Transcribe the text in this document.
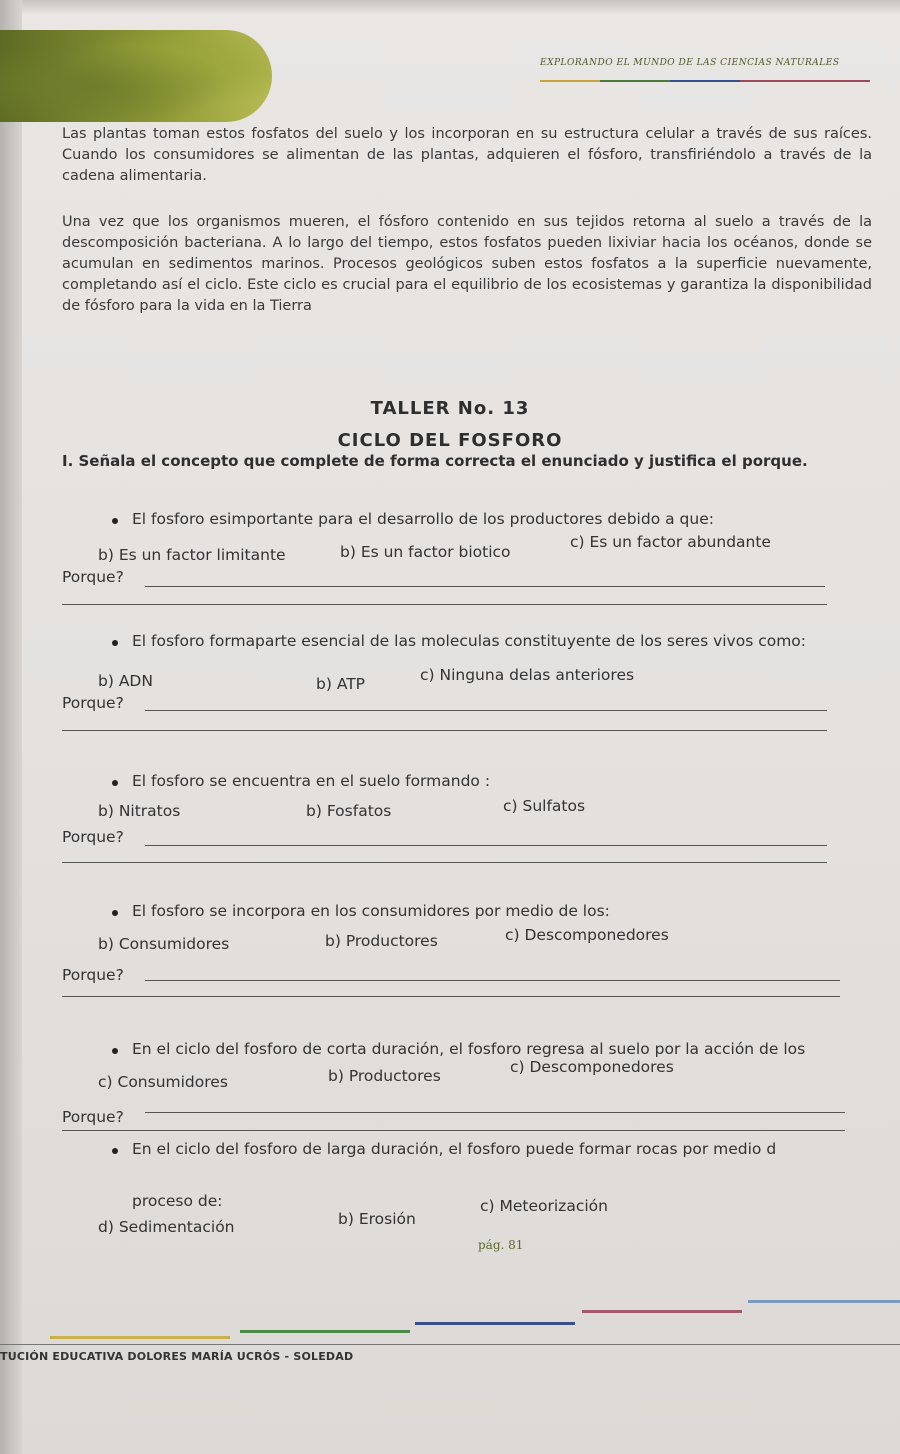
EXPLORANDO EL MUNDO DE LAS CIENCIAS NATURALES

Las plantas toman estos fosfatos del suelo y los incorporan en su estructura celular a través de sus raíces. Cuando los consumidores se alimentan de las plantas, adquieren el fósforo, transfiriéndolo a través de la cadena alimentaria.

Una vez que los organismos mueren, el fósforo contenido en sus tejidos retorna al suelo a través de la descomposición bacteriana. A lo largo del tiempo, estos fosfatos pueden lixiviar hacia los océanos, donde se acumulan en sedimentos marinos. Procesos geológicos suben estos fosfatos a la superficie nuevamente, completando así el ciclo. Este ciclo es crucial para el equilibrio de los ecosistemas y garantiza la disponibilidad de fósforo para la vida en la Tierra

TALLER No. 13
CICLO DEL FOSFORO
I. Señala el concepto que complete de forma correcta el enunciado y justifica el porque.
El fosforo esimportante para el desarrollo de los productores debido a que:
b) Es un factor limitante	b) Es un factor biotico
c) Es un factor abundante
Porque?
El fosforo formaparte esencial de las moleculas constituyente de los seres vivos como:
b) ADN	b) ATP	c) Ninguna delas anteriores
Porque?
El fosforo se encuentra en el suelo formando :
b) Nitratos	b) Fosfatos	c) Sulfatos
Porque?
El fosforo se incorpora en los consumidores por medio de los:
b) Consumidores	b) Productores	c) Descomponedores
Porque?
En el ciclo del fosforo de corta duración, el fosforo regresa al suelo por la acción de los
c) Consumidores	b) Productores	c) Descomponedores
Porque?
En el ciclo del fosforo de larga duración, el fosforo puede formar rocas por medio d
proceso de:
d) Sedimentación	b) Erosión
c) Meteorización
pág. 81
TUCIÓN EDUCATIVA DOLORES MARÍA UCRÓS - SOLEDAD
